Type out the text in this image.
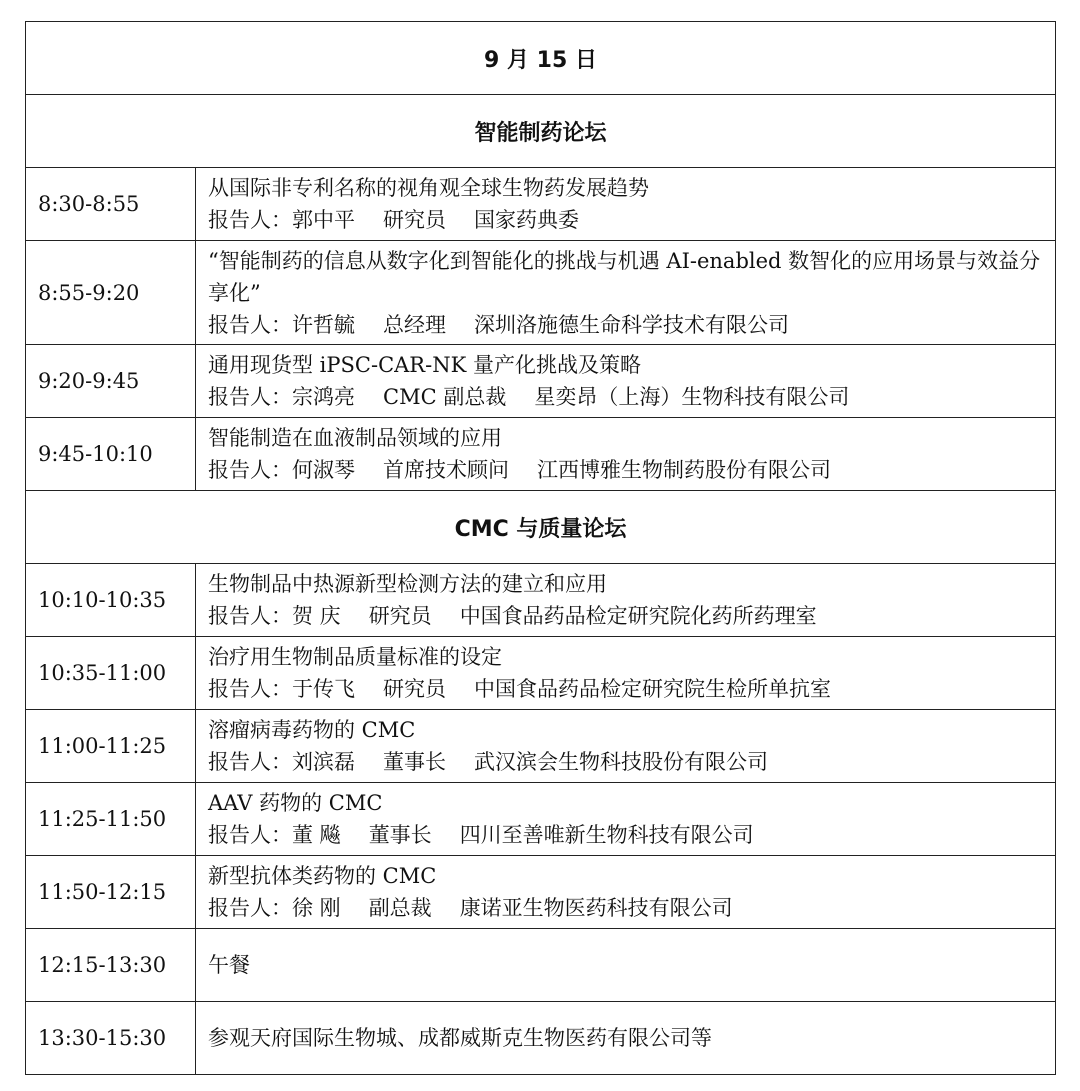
9 月 15 日	
智能制药论坛	
8:30-8:55	从国际非专利名称的视角观全球生物药发展趋势
报告人：郭中平 研究员 国家药典委

8:55-9:20	“智能制药的信息从数字化到智能化的挑战与机遇 AI-enabled 数智化的应用场景与效益分享化”
报告人：许哲毓 总经理 深圳洛施德生命科学技术有限公司

9:20-9:45	通用现货型 iPSC-CAR-NK 量产化挑战及策略
报告人：宗鸿亮 CMC 副总裁 星奕昂（上海）生物科技有限公司

9:45-10:10	智能制造在血液制品领域的应用
报告人：何淑琴 首席技术顾问 江西博雅生物制药股份有限公司

CMC 与质量论坛	
10:10-10:35	生物制品中热源新型检测方法的建立和应用
报告人：贺 庆 研究员 中国食品药品检定研究院化药所药理室

10:35-11:00	治疗用生物制品质量标准的设定
报告人：于传飞 研究员 中国食品药品检定研究院生检所单抗室

11:00-11:25	溶瘤病毒药物的 CMC
报告人：刘滨磊 董事长 武汉滨会生物科技股份有限公司

11:25-11:50	AAV 药物的 CMC
报告人：董 飚 董事长 四川至善唯新生物科技有限公司

11:50-12:15	新型抗体类药物的 CMC
报告人：徐 刚 副总裁 康诺亚生物医药科技有限公司

12:15-13:30	午餐
13:30-15:30	参观天府国际生物城、成都威斯克生物医药有限公司等
